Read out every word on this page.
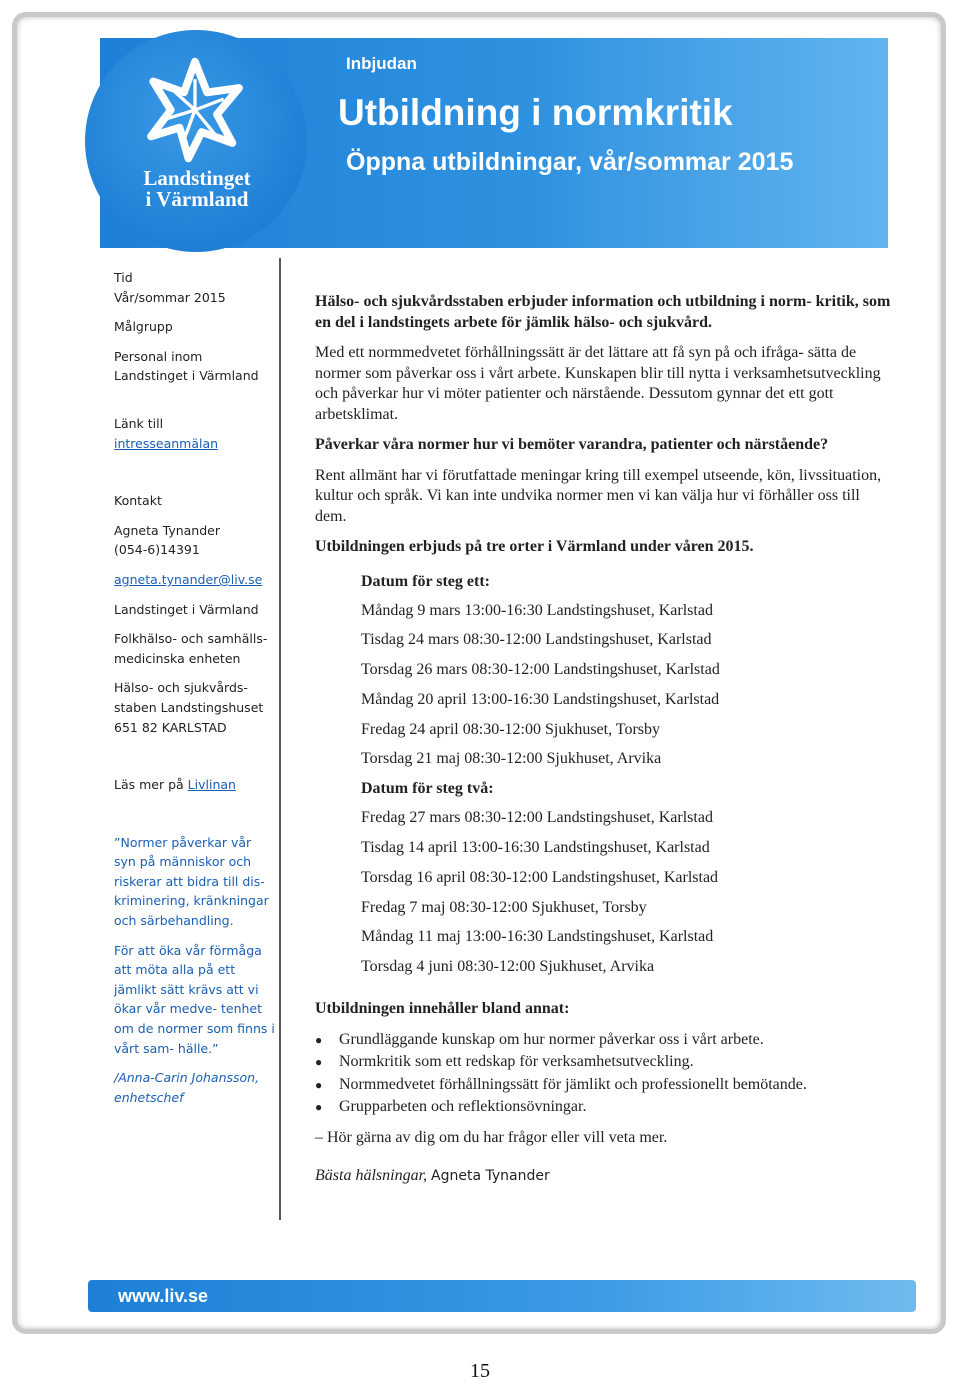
Landstinget
i Värmland
Inbjudan
Utbildning i normkritik
Öppna utbildningar, vår/sommar 2015
Tid
Vår/sommar 2015
Målgrupp
Personal inom Landstinget i Värmland
Länk till
intresseanmälan
Kontakt
Agneta Tynander
(054-6)14391
agneta.tynander@liv.se
Landstinget i Värmland
Folkhälso- och samhälls- medicinska enheten
Hälso- och sjukvårds- staben Landstingshuset 651 82 KARLSTAD
Läs mer på Livlinan
”Normer påverkar vår syn på människor och riskerar att bidra till dis- kriminering, kränkningar och särbehandling.
För att öka vår förmåga att möta alla på ett jämlikt sätt krävs att vi ökar vår medve- tenhet om de normer som finns i vårt sam- hälle.”
/Anna-Carin Johansson, enhetschef

Hälso- och sjukvårdsstaben erbjuder information och utbildning i norm- kritik, som en del i landstingets arbete för jämlik hälso- och sjukvård.

Med ett normmedvetet förhållningssätt är det lättare att få syn på och ifråga- sätta de normer som påverkar oss i vårt arbete. Kunskapen blir till nytta i verksamhetsutveckling och påverkar hur vi möter patienter och närstående. Dessutom gynnar det ett gott arbetsklimat.

Påverkar våra normer hur vi bemöter varandra, patienter och närstående?

Rent allmänt har vi förutfattade meningar kring till exempel utseende, kön, livssituation, kultur och språk. Vi kan inte undvika normer men vi kan välja hur vi förhåller oss till dem.

Utbildningen erbjuds på tre orter i Värmland under våren 2015.
Datum för steg ett:
Måndag 9 mars 13:00-16:30 Landstingshuset, Karlstad
Tisdag 24 mars 08:30-12:00 Landstingshuset, Karlstad
Torsdag 26 mars 08:30-12:00 Landstingshuset, Karlstad
Måndag 20 april 13:00-16:30 Landstingshuset, Karlstad
Fredag 24 april 08:30-12:00 Sjukhuset, Torsby
Torsdag 21 maj 08:30-12:00 Sjukhuset, Arvika
Datum för steg två:
Fredag 27 mars 08:30-12:00 Landstingshuset, Karlstad
Tisdag 14 april 13:00-16:30 Landstingshuset, Karlstad
Torsdag 16 april 08:30-12:00 Landstingshuset, Karlstad
Fredag 7 maj 08:30-12:00 Sjukhuset, Torsby
Måndag 11 maj 13:00-16:30 Landstingshuset, Karlstad
Torsdag 4 juni 08:30-12:00 Sjukhuset, Arvika
Utbildningen innehåller bland annat:
● Grundläggande kunskap om hur normer påverkar oss i vårt arbete.
● Normkritik som ett redskap för verksamhetsutveckling.
● Normmedvetet förhållningssätt för jämlikt och professionellt bemötande.
● Grupparbeten och reflektionsövningar.
– Hör gärna av dig om du har frågor eller vill veta mer.
Bästa hälsningar, Agneta Tynander
www.liv.se
15
